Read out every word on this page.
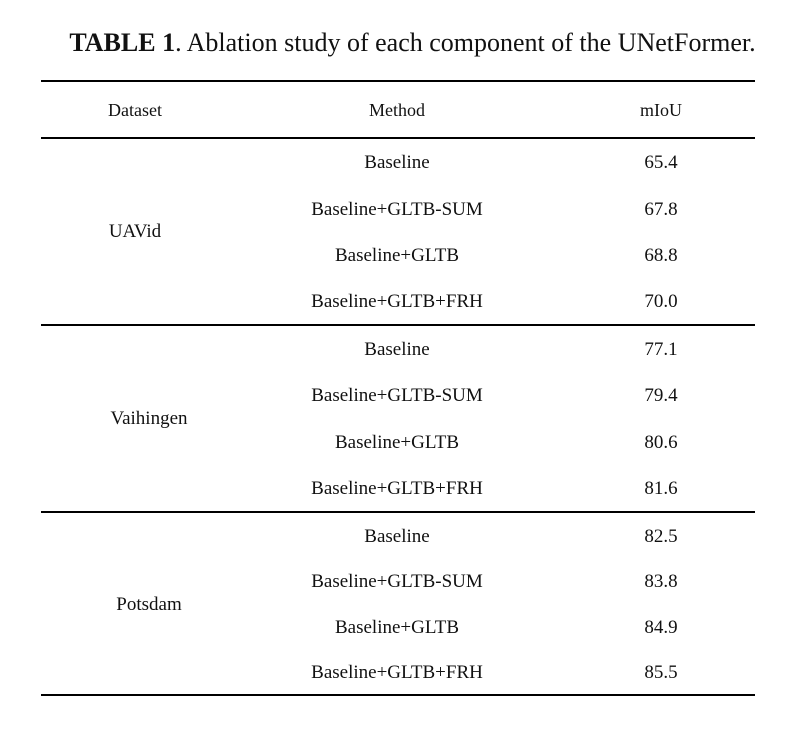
TABLE 1. Ablation study of each component of the UNetFormer.
Dataset	Method	mIoU
UAVid
Baseline	65.4
Baseline+GLTB-SUM	67.8
Baseline+GLTB	68.8
Baseline+GLTB+FRH	70.0
Vaihingen
Baseline	77.1
Baseline+GLTB-SUM	79.4
Baseline+GLTB	80.6
Baseline+GLTB+FRH	81.6
Potsdam
Baseline	82.5
Baseline+GLTB-SUM	83.8
Baseline+GLTB	84.9
Baseline+GLTB+FRH	85.5
